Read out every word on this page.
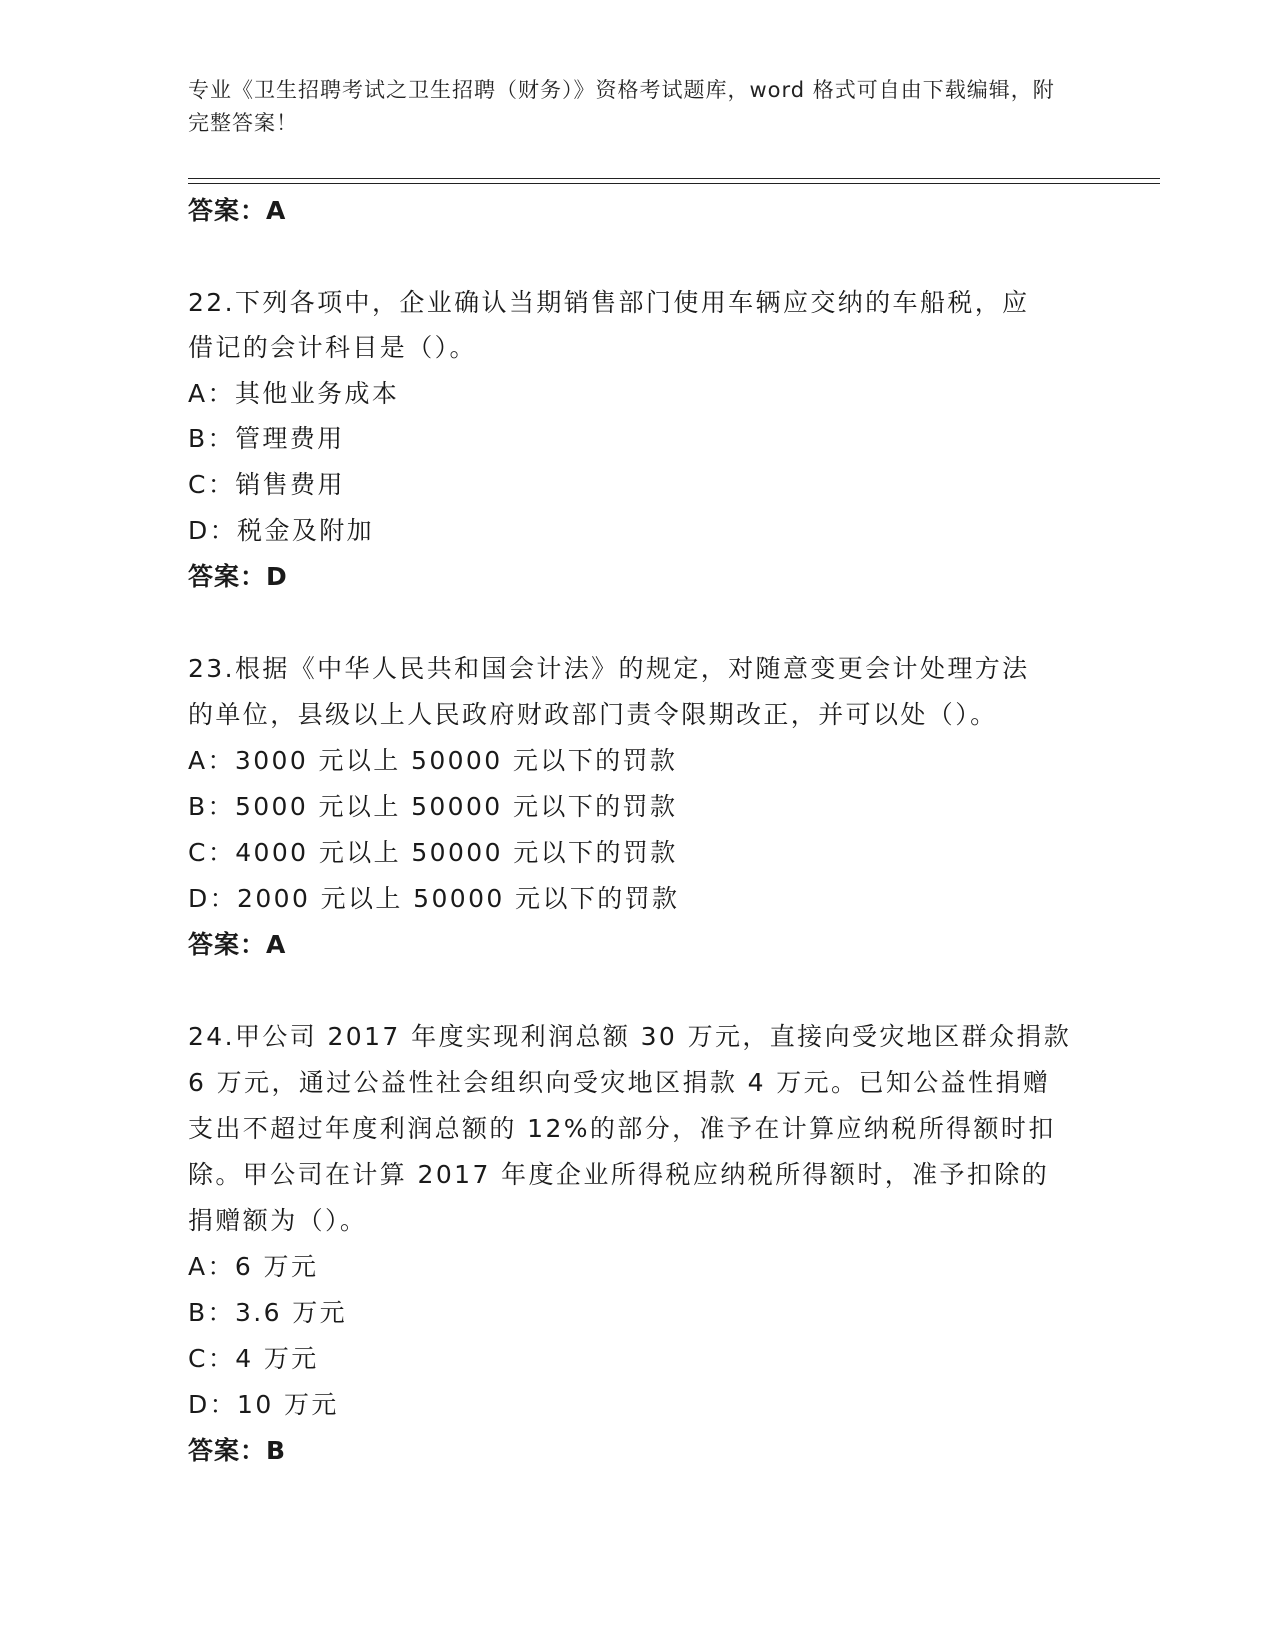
专业《卫生招聘考试之卫生招聘（财务）》资格考试题库，word 格式可自由下载编辑，附完整答案！
答案：A
22.下列各项中，企业确认当期销售部门使用车辆应交纳的车船税，应
借记的会计科目是（）。
A：其他业务成本
B：管理费用
C：销售费用
D：税金及附加
答案：D
23.根据《中华人民共和国会计法》的规定，对随意变更会计处理方法
的单位，县级以上人民政府财政部门责令限期改正，并可以处（）。
A：3000 元以上 50000 元以下的罚款
B：5000 元以上 50000 元以下的罚款
C：4000 元以上 50000 元以下的罚款
D：2000 元以上 50000 元以下的罚款
答案：A
24.甲公司 2017 年度实现利润总额 30 万元，直接向受灾地区群众捐款
6 万元，通过公益性社会组织向受灾地区捐款 4 万元。已知公益性捐赠
支出不超过年度利润总额的 12%的部分，准予在计算应纳税所得额时扣
除。甲公司在计算 2017 年度企业所得税应纳税所得额时，准予扣除的
捐赠额为（）。
A：6 万元
B：3.6 万元
C：4 万元
D：10 万元
答案：B
